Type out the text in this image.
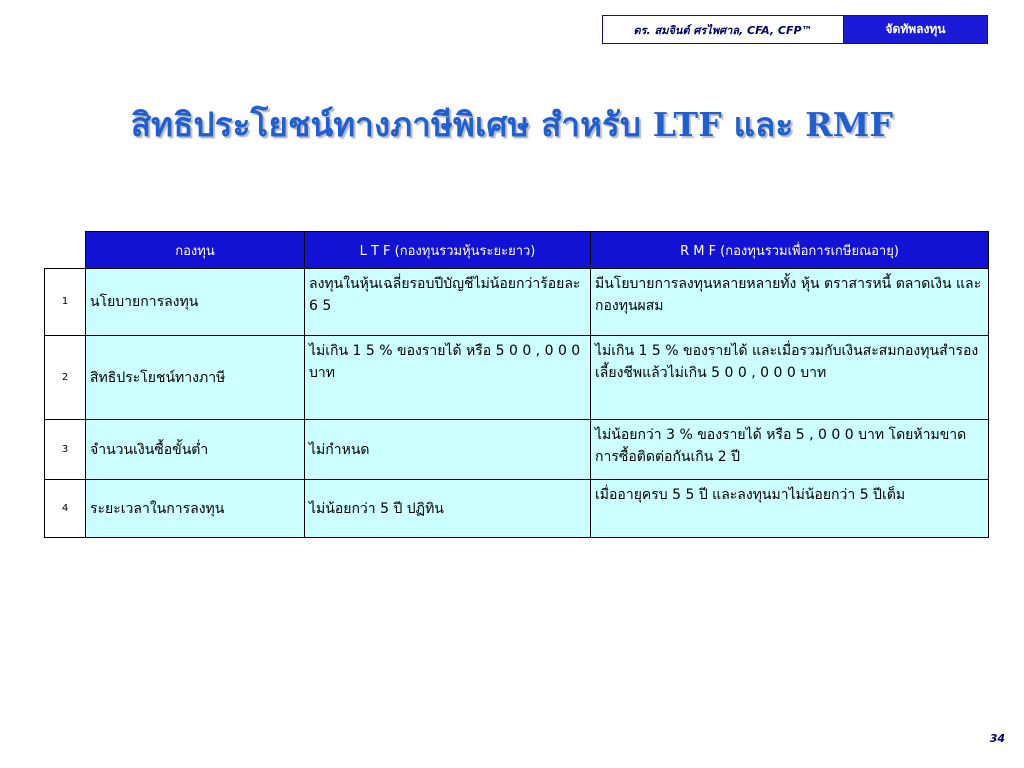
ดร. สมจินต์ ศรไพศาล, CFA, CFP™	จัดทัพลงทุน
สิทธิประโยชน์ทางภาษีพิเศษ สำหรับ LTF และ RMF
	กองทุน	L T F (กองทุนรวมหุ้นระยะยาว)	R M F (กองทุนรวมเพื่อการเกษียณอายุ)
1	นโยบายการลงทุน	ลงทุนในหุ้นเฉลี่ยรอบปีบัญชีไม่น้อยกว่าร้อยละ 6 5	มีนโยบายการลงทุนหลายหลายทั้ง หุ้น ตราสารหนี้ ตลาดเงิน และกองทุนผสม
2	สิทธิประโยชน์ทางภาษี	ไม่เกิน 1 5 % ของรายได้ หรือ 5 0 0 , 0 0 0 บาท	ไม่เกิน 1 5 % ของรายได้ และเมื่อรวมกับเงินสะสมกองทุนสำรองเลี้ยงชีพแล้วไม่เกิน 5 0 0 , 0 0 0 บาท
3	จำนวนเงินซื้อขั้นต่ำ	ไม่กำหนด	ไม่น้อยกว่า 3 % ของรายได้ หรือ 5 , 0 0 0 บาท โดยห้ามขาดการซื้อติดต่อกันเกิน 2 ปี
4	ระยะเวลาในการลงทุน	ไม่น้อยกว่า 5 ปี ปฏิทิน	เมื่ออายุครบ 5 5 ปี และลงทุนมาไม่น้อยกว่า 5 ปีเต็ม
34
